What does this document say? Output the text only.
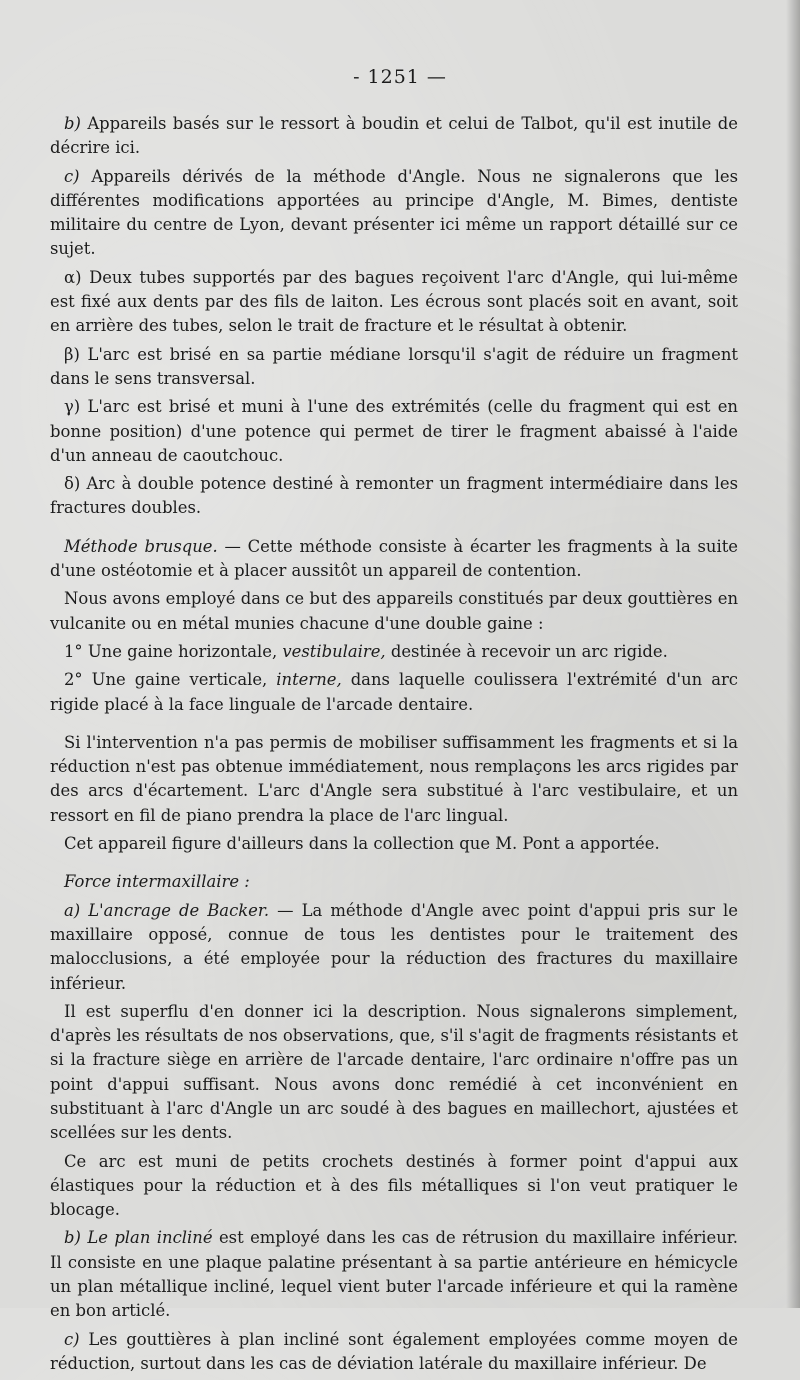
- 1251 —

b) Appareils basés sur le ressort à boudin et celui de Talbot, qu'il est inutile de décrire ici.

c) Appareils dérivés de la méthode d'Angle. Nous ne signalerons que les différentes modifications apportées au principe d'Angle, M. Bimes, dentiste militaire du centre de Lyon, devant présenter ici même un rapport détaillé sur ce sujet.

α) Deux tubes supportés par des bagues reçoivent l'arc d'Angle, qui lui-même est fixé aux dents par des fils de laiton. Les écrous sont placés soit en avant, soit en arrière des tubes, selon le trait de fracture et le résultat à obtenir.

β) L'arc est brisé en sa partie médiane lorsqu'il s'agit de réduire un fragment dans le sens transversal.

γ) L'arc est brisé et muni à l'une des extrémités (celle du fragment qui est en bonne position) d'une potence qui permet de tirer le fragment abaissé à l'aide d'un anneau de caoutchouc.

δ) Arc à double potence destiné à remonter un fragment intermédiaire dans les fractures doubles.

Méthode brusque. — Cette méthode consiste à écarter les fragments à la suite d'une ostéotomie et à placer aussitôt un appareil de contention.

Nous avons employé dans ce but des appareils constitués par deux gouttières en vulcanite ou en métal munies chacune d'une double gaine :

1° Une gaine horizontale, vestibulaire, destinée à recevoir un arc rigide.

2° Une gaine verticale, interne, dans laquelle coulissera l'extrémité d'un arc rigide placé à la face linguale de l'arcade dentaire.

Si l'intervention n'a pas permis de mobiliser suffisamment les fragments et si la réduction n'est pas obtenue immédiatement, nous remplaçons les arcs rigides par des arcs d'écartement. L'arc d'Angle sera substitué à l'arc vestibulaire, et un ressort en fil de piano prendra la place de l'arc lingual.

Cet appareil figure d'ailleurs dans la collection que M. Pont a apportée.

Force intermaxillaire :

a) L'ancrage de Backer. — La méthode d'Angle avec point d'appui pris sur le maxillaire opposé, connue de tous les dentistes pour le traitement des malocclusions, a été employée pour la réduction des fractures du maxillaire inférieur.

Il est superflu d'en donner ici la description. Nous signalerons simplement, d'après les résultats de nos observations, que, s'il s'agit de fragments résistants et si la fracture siège en arrière de l'arcade dentaire, l'arc ordinaire n'offre pas un point d'appui suffisant. Nous avons donc remédié à cet inconvénient en substituant à l'arc d'Angle un arc soudé à des bagues en maillechort, ajustées et scellées sur les dents.

Ce arc est muni de petits crochets destinés à former point d'appui aux élastiques pour la réduction et à des fils métalliques si l'on veut pratiquer le blocage.

b) Le plan incliné est employé dans les cas de rétrusion du maxillaire inférieur. Il consiste en une plaque palatine présentant à sa partie antérieure en hémicycle un plan métallique incliné, lequel vient buter l'arcade inférieure et qui la ramène en bon articlé.

c) Les gouttières à plan incliné sont également employées comme moyen de réduction, surtout dans les cas de déviation latérale du maxillaire inférieur. De
